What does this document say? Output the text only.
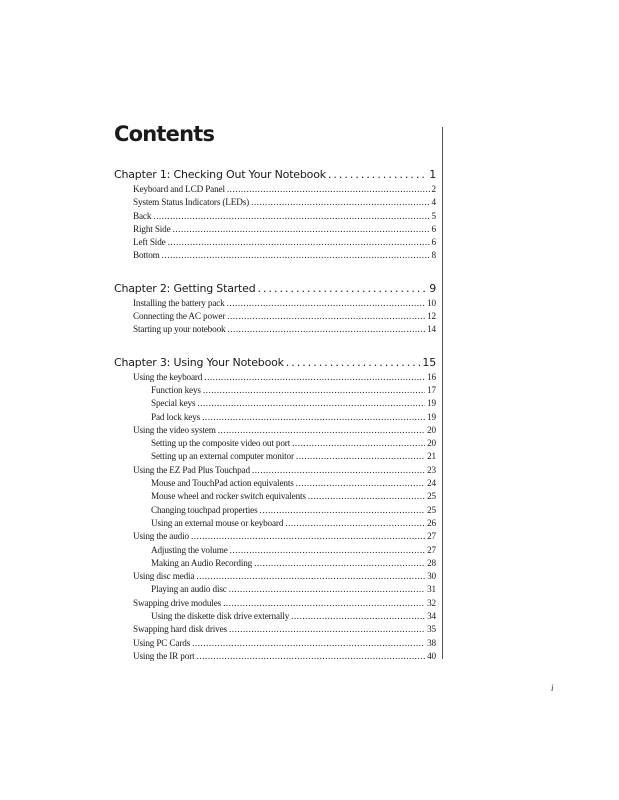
Contents
Chapter 1: Checking Out Your Notebook .....	1
Keyboard and LCD Panel .....	2
System Status Indicators (LEDs) .....	4
Back .....	5
Right Side .....	6
Left Side .....	6
Bottom .....	8
Chapter 2: Getting Started .....	9
Installing the battery pack .....	10
Connecting the AC power .....	12
Starting up your notebook .....	14
Chapter 3: Using Your Notebook .....	15
Using the keyboard .....	16
Function keys .....	17
Special keys .....	19
Pad lock keys .....	19
Using the video system .....	20
Setting up the composite video out port .....	20
Setting up an external computer monitor .....	21
Using the EZ Pad Plus Touchpad .....	23
Mouse and TouchPad action equivalents .....	24
Mouse wheel and rocker switch equivalents .....	25
Changing touchpad properties .....	25
Using an external mouse or keyboard .....	26
Using the audio .....	27
Adjusting the volume .....	27
Making an Audio Recording .....	28
Using disc media .....	30
Playing an audio disc .....	31
Swapping drive modules .....	32
Using the diskette disk drive externally .....	34
Swapping hard disk drives .....	35
Using PC Cards .....	38
Using the IR port .....	40
i
